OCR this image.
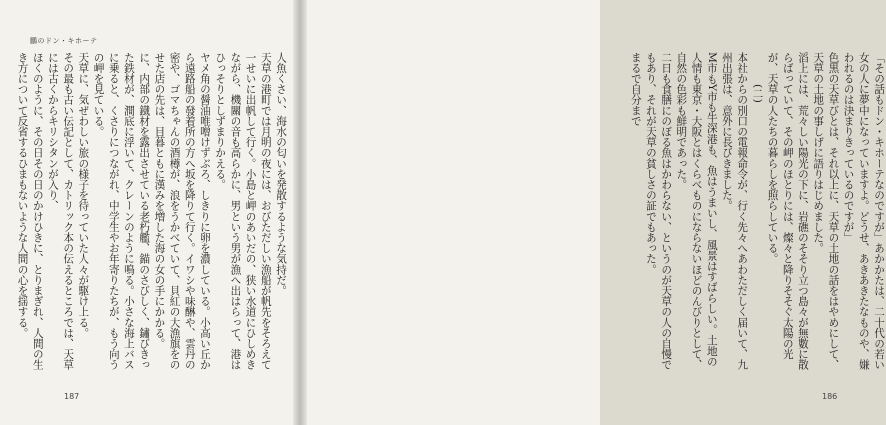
鵬のドン・キホーテ

人魚くさい、海水の匂いを発散するような気持だ。

天草の港町では月明の夜には、おびただしい漁船が帆先をそろえて一せいに出帆して行く。小島と岬のあいだの、狭い水道にひしめきながら、機關の音も高らかに、男という男が漁へ出はらって、港はひっそりとしずまりかえる。

ヤメ角の醤油唯噌けずぶろ、しきりに卵を濃している。小高い丘から遠路船の發着所の方へ坂を降りて行く。イワシや味醂や、雲丹の密や、ゴマちゃんの酒樽が、浪をうかべていて、貝紅の大漁旗をのせた店の先は、目暮ともに漢みを増した海の女の手にかかる。

に、内部の鐡材を露出させている老朽艦、錨のさびしく、鏽びきった鉄材が、澗底に浮いて、クレーンのように鳴る。小さな海上バスに乗ると、くさりにつながれ、中学生やお年寄りたちが、もう向うの岬を見ている。

天草に、気ぜわしい旅の様子を待っていた人々が駆け上る。

その最も古い伝記として、カトリック本の伝えるところでは、天草には古くからキリシタンが入り、

ほくのように、その日その日のかけひきに、とりまぎれ、人間の生き方について反省するひまもないような人間の心を揺する。

187

「その話もドン・キホーテなのですが」あかかたは、二十代の若い女の人に夢中になっていますよ。どうせ、あきあきたなものや、嫌われるのは決まりきっているのですが」

色黒の天草びとは、それ以上に、天草の土地の話をはやめにして、天草の土地の事しげに語りはじめました。

滔上には、荒々しい陽光の下に、岩礁のそそり立つ島々が無數に散らばっていて、その岬のほとりには、燦々と降りそそぐ太陽の光が、天草の人たちの暮らしを照らしている。

(二)

本社からの別口の電報命令が、行く先々へあわただしく届いて、九州出張は、意外に長びきました。

M市もY市も牛深港も、魚はうまいし、風景はすばらしい。土地の人情も東京・大阪とはくらべものにならないほどのんびりとして、自然の色彩も鮮明であった。

二日も食膳にのぼる魚はかわらない、というのが天草の人の自慢でもあり、それが天草の貧しさの証でもあった。

まるで自分まで

186
